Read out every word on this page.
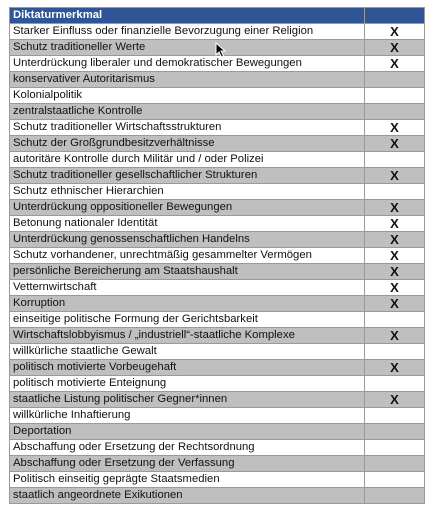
Diktaturmerkmal	
Starker Einfluss oder finanzielle Bevorzugung einer Religion	X
Schutz traditioneller Werte	X
Unterdrückung liberaler und demokratischer Bewegungen	X
konservativer Autoritarismus	
Kolonialpolitik	
zentralstaatliche Kontrolle	
Schutz traditioneller Wirtschaftsstrukturen	X
Schutz der Großgrundbesitzverhältnisse	X
autoritäre Kontrolle durch Militär und / oder Polizei	
Schutz traditioneller gesellschaftlicher Strukturen	X
Schutz ethnischer Hierarchien	
Unterdrückung oppositioneller Bewegungen	X
Betonung nationaler Identität	X
Unterdrückung genossenschaftlichen Handelns	X
Schutz vorhandener, unrechtmäßig gesammelter Vermögen	X
persönliche Bereicherung am Staatshaushalt	X
Vetternwirtschaft	X
Korruption	X
einseitige politische Formung der Gerichtsbarkeit	
Wirtschaftslobbyismus / „industriell“-staatliche Komplexe	X
willkürliche staatliche Gewalt	
politisch motivierte Vorbeugehaft	X
politisch motivierte Enteignung	
staatliche Listung politischer Gegner*innen	X
willkürliche Inhaftierung	
Deportation	
Abschaffung oder Ersetzung der Rechtsordnung	
Abschaffung oder Ersetzung der Verfassung	
Politisch einseitig geprägte Staatsmedien	
staatlich angeordnete Exikutionen	
